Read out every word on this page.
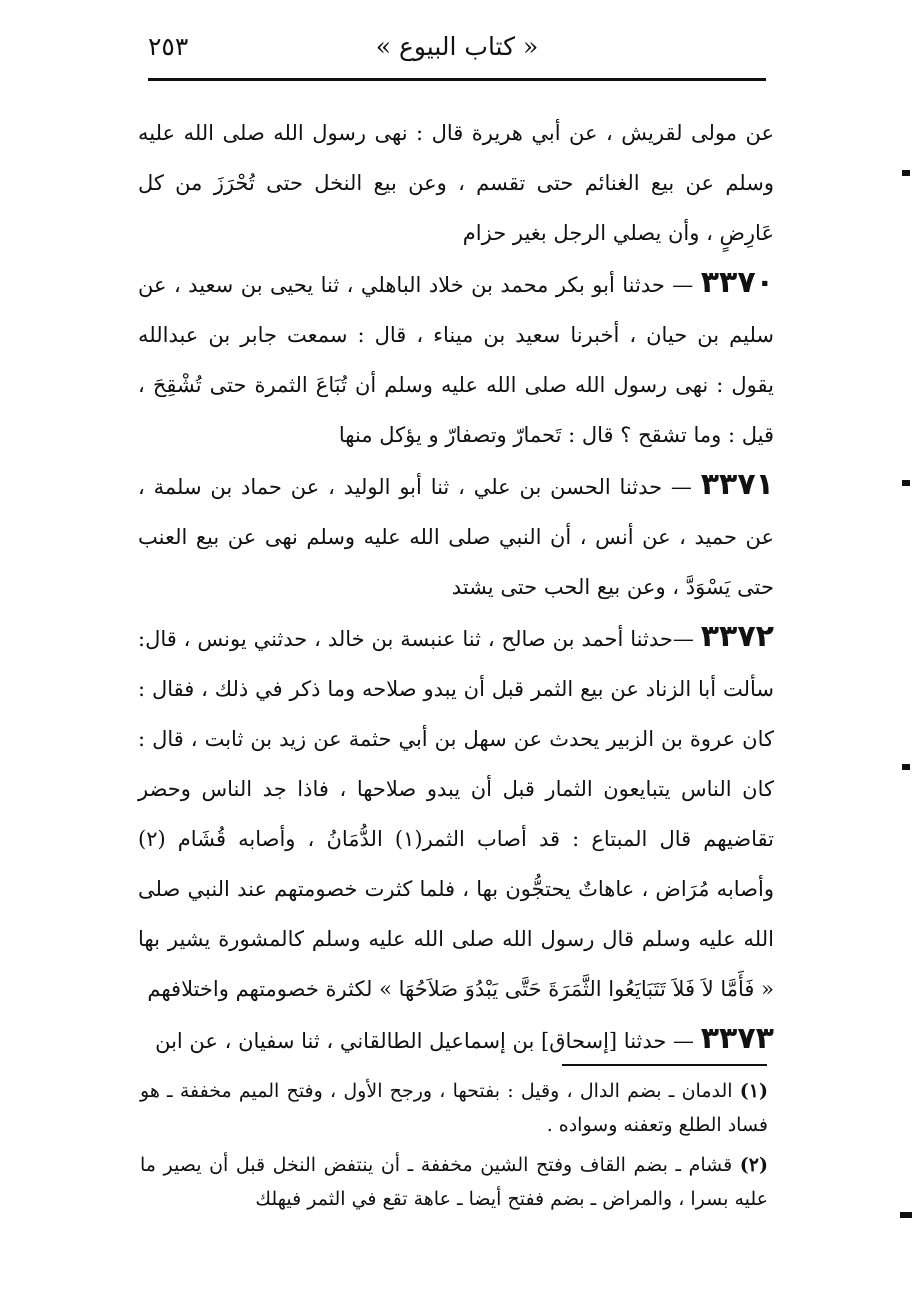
« كتاب البيوع »
٢٥٣

عن مولى لقريش ، عن أبي هريرة قال : نهى رسول الله صلى الله عليه وسلم عن بيع الغنائم حتى تقسم ، وعن بيع النخل حتى تُحْرَزَ من كل عَارِضٍ ، وأن يصلي الرجل بغير حزام

٣٣٧٠ — حدثنا أبو بكر محمد بن خلاد الباهلي ، ثنا يحيى بن سعيد ، عن سليم بن حيان ، أخبرنا سعيد بن ميناء ، قال : سمعت جابر بن عبدالله يقول : نهى رسول الله صلى الله عليه وسلم أن تُبَاعَ الثمرة حتى تُشْقِحَ ، قيل : وما تشقح ؟ قال : تَحمارّ وتصفارّ و يؤكل منها

٣٣٧١ — حدثنا الحسن بن علي ، ثنا أبو الوليد ، عن حماد بن سلمة ، عن حميد ، عن أنس ، أن النبي صلى الله عليه وسلم نهى عن بيع العنب حتى يَسْوَدَّ ، وعن بيع الحب حتى يشتد

٣٣٧٢ —حدثنا أحمد بن صالح ، ثنا عنبسة بن خالد ، حدثني يونس ، قال: سألت أبا الزناد عن بيع الثمر قبل أن يبدو صلاحه وما ذكر في ذلك ، فقال : كان عروة بن الزبير يحدث عن سهل بن أبي حثمة عن زيد بن ثابت ، قال : كان الناس يتبايعون الثمار قبل أن يبدو صلاحها ، فاذا جد الناس وحضر تقاضيهم قال المبتاع : قد أصاب الثمر(١) الدُّمَانُ ، وأصابه قُشَام (٢) وأصابه مُرَاض ، عاهاتٌ يحتجُّون بها ، فلما كثرت خصومتهم عند النبي صلى الله عليه وسلم قال رسول الله صلى الله عليه وسلم كالمشورة يشير بها « فَأَمَّا لاَ فَلاَ تَتَبَايَعُوا الثَّمَرَةَ حَتَّى يَبْدُوَ صَلاَحُهَا » لكثرة خصومتهم واختلافهم

٣٣٧٣ — حدثنا [إسحاق] بن إسماعيل الطالقاني ، ثنا سفيان ، عن ابن

(١) الدمان ـ بضم الدال ، وقيل : بفتحها ، ورجح الأول ، وفتح الميم مخففة ـ هو فساد الطلع وتعفنه وسواده .

(٢) قشام ـ بضم القاف وفتح الشين مخففة ـ أن ينتفض النخل قبل أن يصير ما عليه بسرا ، والمراض ـ بضم ففتح أيضا ـ عاهة تقع في الثمر فيهلك
